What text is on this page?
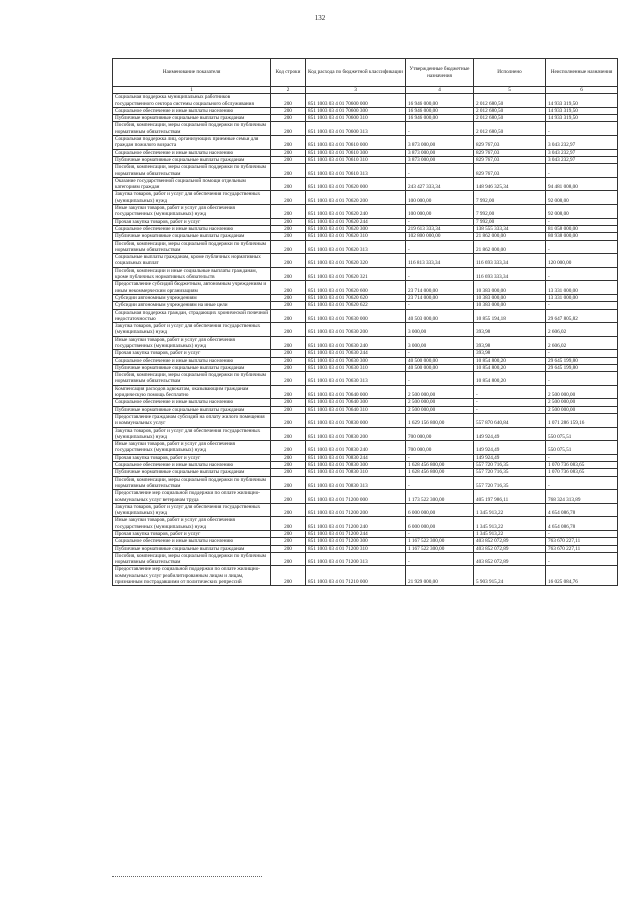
132
Наименование показателя	Код строки	Код расхода по бюджетной классификации	Утвержденные бюджетные назначения	Исполнено	Неисполненные назначения
1	2	3	4	5	6
Социальная поддержка муниципальных работников государственного сектора системы социального обслуживания	200	851 1003 03 4 01 70600 000	16 946 000,00	2 012 680,50	14 933 319,50
Социальное обеспечение и иные выплаты населению	200	851 1003 03 4 01 70600 300	16 946 000,00	2 012 680,50	14 933 319,50
Публичные нормативные социальные выплаты гражданам	200	851 1003 03 4 01 70600 310	16 946 000,00	2 012 680,50	14 933 319,50
Пособия, компенсации, меры социальной поддержки по публичным нормативным обязательствам	200	851 1003 03 4 01 70600 313	-	2 012 680,50	-
Социальная поддержка лиц, организующих приемные семьи для граждан пожилого возраста	200	851 1003 03 4 01 70610 000	3 873 000,00	829 767,03	3 043 232,97
Социальное обеспечение и иные выплаты населению	200	851 1003 03 4 01 70610 300	3 873 000,00	829 767,03	3 043 232,97
Публичные нормативные социальные выплаты гражданам	200	851 1003 03 4 01 70610 310	3 873 000,00	829 767,03	3 043 232,97
Пособия, компенсации, меры социальной поддержки по публичным нормативным обязательствам	200	851 1003 03 4 01 70610 313	-	829 767,03	-
Оказание государственной социальной помощи отдельным категориям граждан	200	851 1003 03 4 01 70620 000	243 427 333,34	148 946 325,34	94 481 008,00
Закупка товаров, работ и услуг для обеспечения государственных (муниципальных) нужд	200	851 1003 03 4 01 70620 200	100 000,00	7 992,00	92 008,00
Иные закупки товаров, работ и услуг для обеспечения государственных (муниципальных) нужд	200	851 1003 03 4 01 70620 240	100 000,00	7 992,00	92 008,00
Прочая закупка товаров, работ и услуг	200	851 1003 03 4 01 70620 244	-	7 992,00	-
Социальное обеспечение и иные выплаты населению	200	851 1003 03 4 01 70620 300	219 613 333,34	138 555 333,34	81 058 000,00
Публичные нормативные социальные выплаты гражданам	200	851 1003 03 4 01 70620 310	102 800 000,00	21 862 000,00	80 938 000,00
Пособия, компенсации, меры социальной поддержки по публичным нормативным обязательствам	200	851 1003 03 4 01 70620 313	-	21 862 000,00	-
Социальные выплаты гражданам, кроме публичных нормативных социальных выплат	200	851 1003 03 4 01 70620 320	116 813 333,34	116 693 333,34	120 000,00
Пособия, компенсации и иные социальные выплаты гражданам, кроме публичных нормативных обязательств	200	851 1003 03 4 01 70620 321	-	116 693 333,34	-
Предоставление субсидий бюджетным, автономным учреждениям и иным некоммерческим организациям	200	851 1003 03 4 01 70620 600	23 714 000,00	10 383 000,00	13 331 000,00
Субсидии автономным учреждениям	200	851 1003 03 4 01 70620 620	23 714 000,00	10 383 000,00	13 331 000,00
Субсидии автономным учреждениям на иные цели	200	851 1003 03 4 01 70620 622	-	10 383 000,00	-
Социальная поддержка граждан, страдающих хронической почечной недостаточностью	200	851 1003 03 4 01 70630 000	40 503 000,00	10 855 194,18	29 647 805,82
Закупка товаров, работ и услуг для обеспечения государственных (муниципальных) нужд	200	851 1003 03 4 01 70630 200	3 000,00	393,98	2 606,02
Иные закупки товаров, работ и услуг для обеспечения государственных (муниципальных) нужд	200	851 1003 03 4 01 70630 240	3 000,00	393,98	2 606,02
Прочая закупка товаров, работ и услуг	200	851 1003 03 4 01 70630 244	-	393,98	-
Социальное обеспечение и иные выплаты населению	200	851 1003 03 4 01 70630 300	40 500 000,00	10 854 800,20	29 645 199,80
Публичные нормативные социальные выплаты гражданам	200	851 1003 03 4 01 70630 310	40 500 000,00	10 854 800,20	29 645 199,80
Пособия, компенсации, меры социальной поддержки по публичным нормативным обязательствам	200	851 1003 03 4 01 70630 313	-	10 854 800,20	-
Компенсация расходов адвокатам, оказывающим гражданам юридическую помощь бесплатно	200	851 1003 03 4 01 70640 000	2 500 000,00	-	2 500 000,00
Социальное обеспечение и иные выплаты населению	200	851 1003 03 4 01 70640 300	2 500 000,00	-	2 500 000,00
Публичные нормативные социальные выплаты гражданам	200	851 1003 03 4 01 70640 310	2 500 000,00	-	2 500 000,00
Предоставление гражданам субсидий на оплату жилого помещения и коммунальных услуг	200	851 1003 03 4 01 70830 000	1 629 156 800,00	557 870 640,84	1 071 286 159,16
Закупка товаров, работ и услуг для обеспечения государственных (муниципальных) нужд	200	851 1003 03 4 01 70830 200	700 000,00	149 924,49	550 075,51
Иные закупки товаров, работ и услуг для обеспечения государственных (муниципальных) нужд	200	851 1003 03 4 01 70830 240	700 000,00	149 924,49	550 075,51
Прочая закупка товаров, работ и услуг	200	851 1003 03 4 01 70830 244	-	149 924,49	-
Социальное обеспечение и иные выплаты населению	200	851 1003 03 4 01 70830 300	1 628 456 800,00	557 720 716,35	1 070 736 083,65
Публичные нормативные социальные выплаты гражданам	200	851 1003 03 4 01 70830 310	1 628 456 800,00	557 720 716,35	1 070 736 083,65
Пособия, компенсации, меры социальной поддержки по публичным нормативным обязательствам	200	851 1003 03 4 01 70830 313	-	557 720 716,35	-
Предоставление мер социальной поддержки по оплате жилищно-коммунальных услуг ветеранам труда	200	851 1003 03 4 01 71200 000	1 173 522 300,00	405 197 986,11	768 324 313,89
Закупка товаров, работ и услуг для обеспечения государственных (муниципальных) нужд	200	851 1003 03 4 01 71200 200	6 000 000,00	1 345 913,22	4 654 086,78
Иные закупки товаров, работ и услуг для обеспечения государственных (муниципальных) нужд	200	851 1003 03 4 01 71200 240	6 000 000,00	1 345 913,22	4 654 086,78
Прочая закупка товаров, работ и услуг	200	851 1003 03 4 01 71200 244	-	1 345 913,22	-
Социальное обеспечение и иные выплаты населению	200	851 1003 03 4 01 71200 300	1 167 522 300,00	403 852 072,89	763 670 227,11
Публичные нормативные социальные выплаты гражданам	200	851 1003 03 4 01 71200 310	1 167 522 300,00	403 852 072,89	763 670 227,11
Пособия, компенсации, меры социальной поддержки по публичным нормативным обязательствам	200	851 1003 03 4 01 71200 313	-	403 852 072,89	-
Предоставление мер социальной поддержки по оплате жилищно-коммунальных услуг реабилитированным лицам и лицам, признанным пострадавшими от политических репрессий	200	851 1003 03 4 01 71210 000	21 929 000,00	5 903 915,24	16 025 084,76
